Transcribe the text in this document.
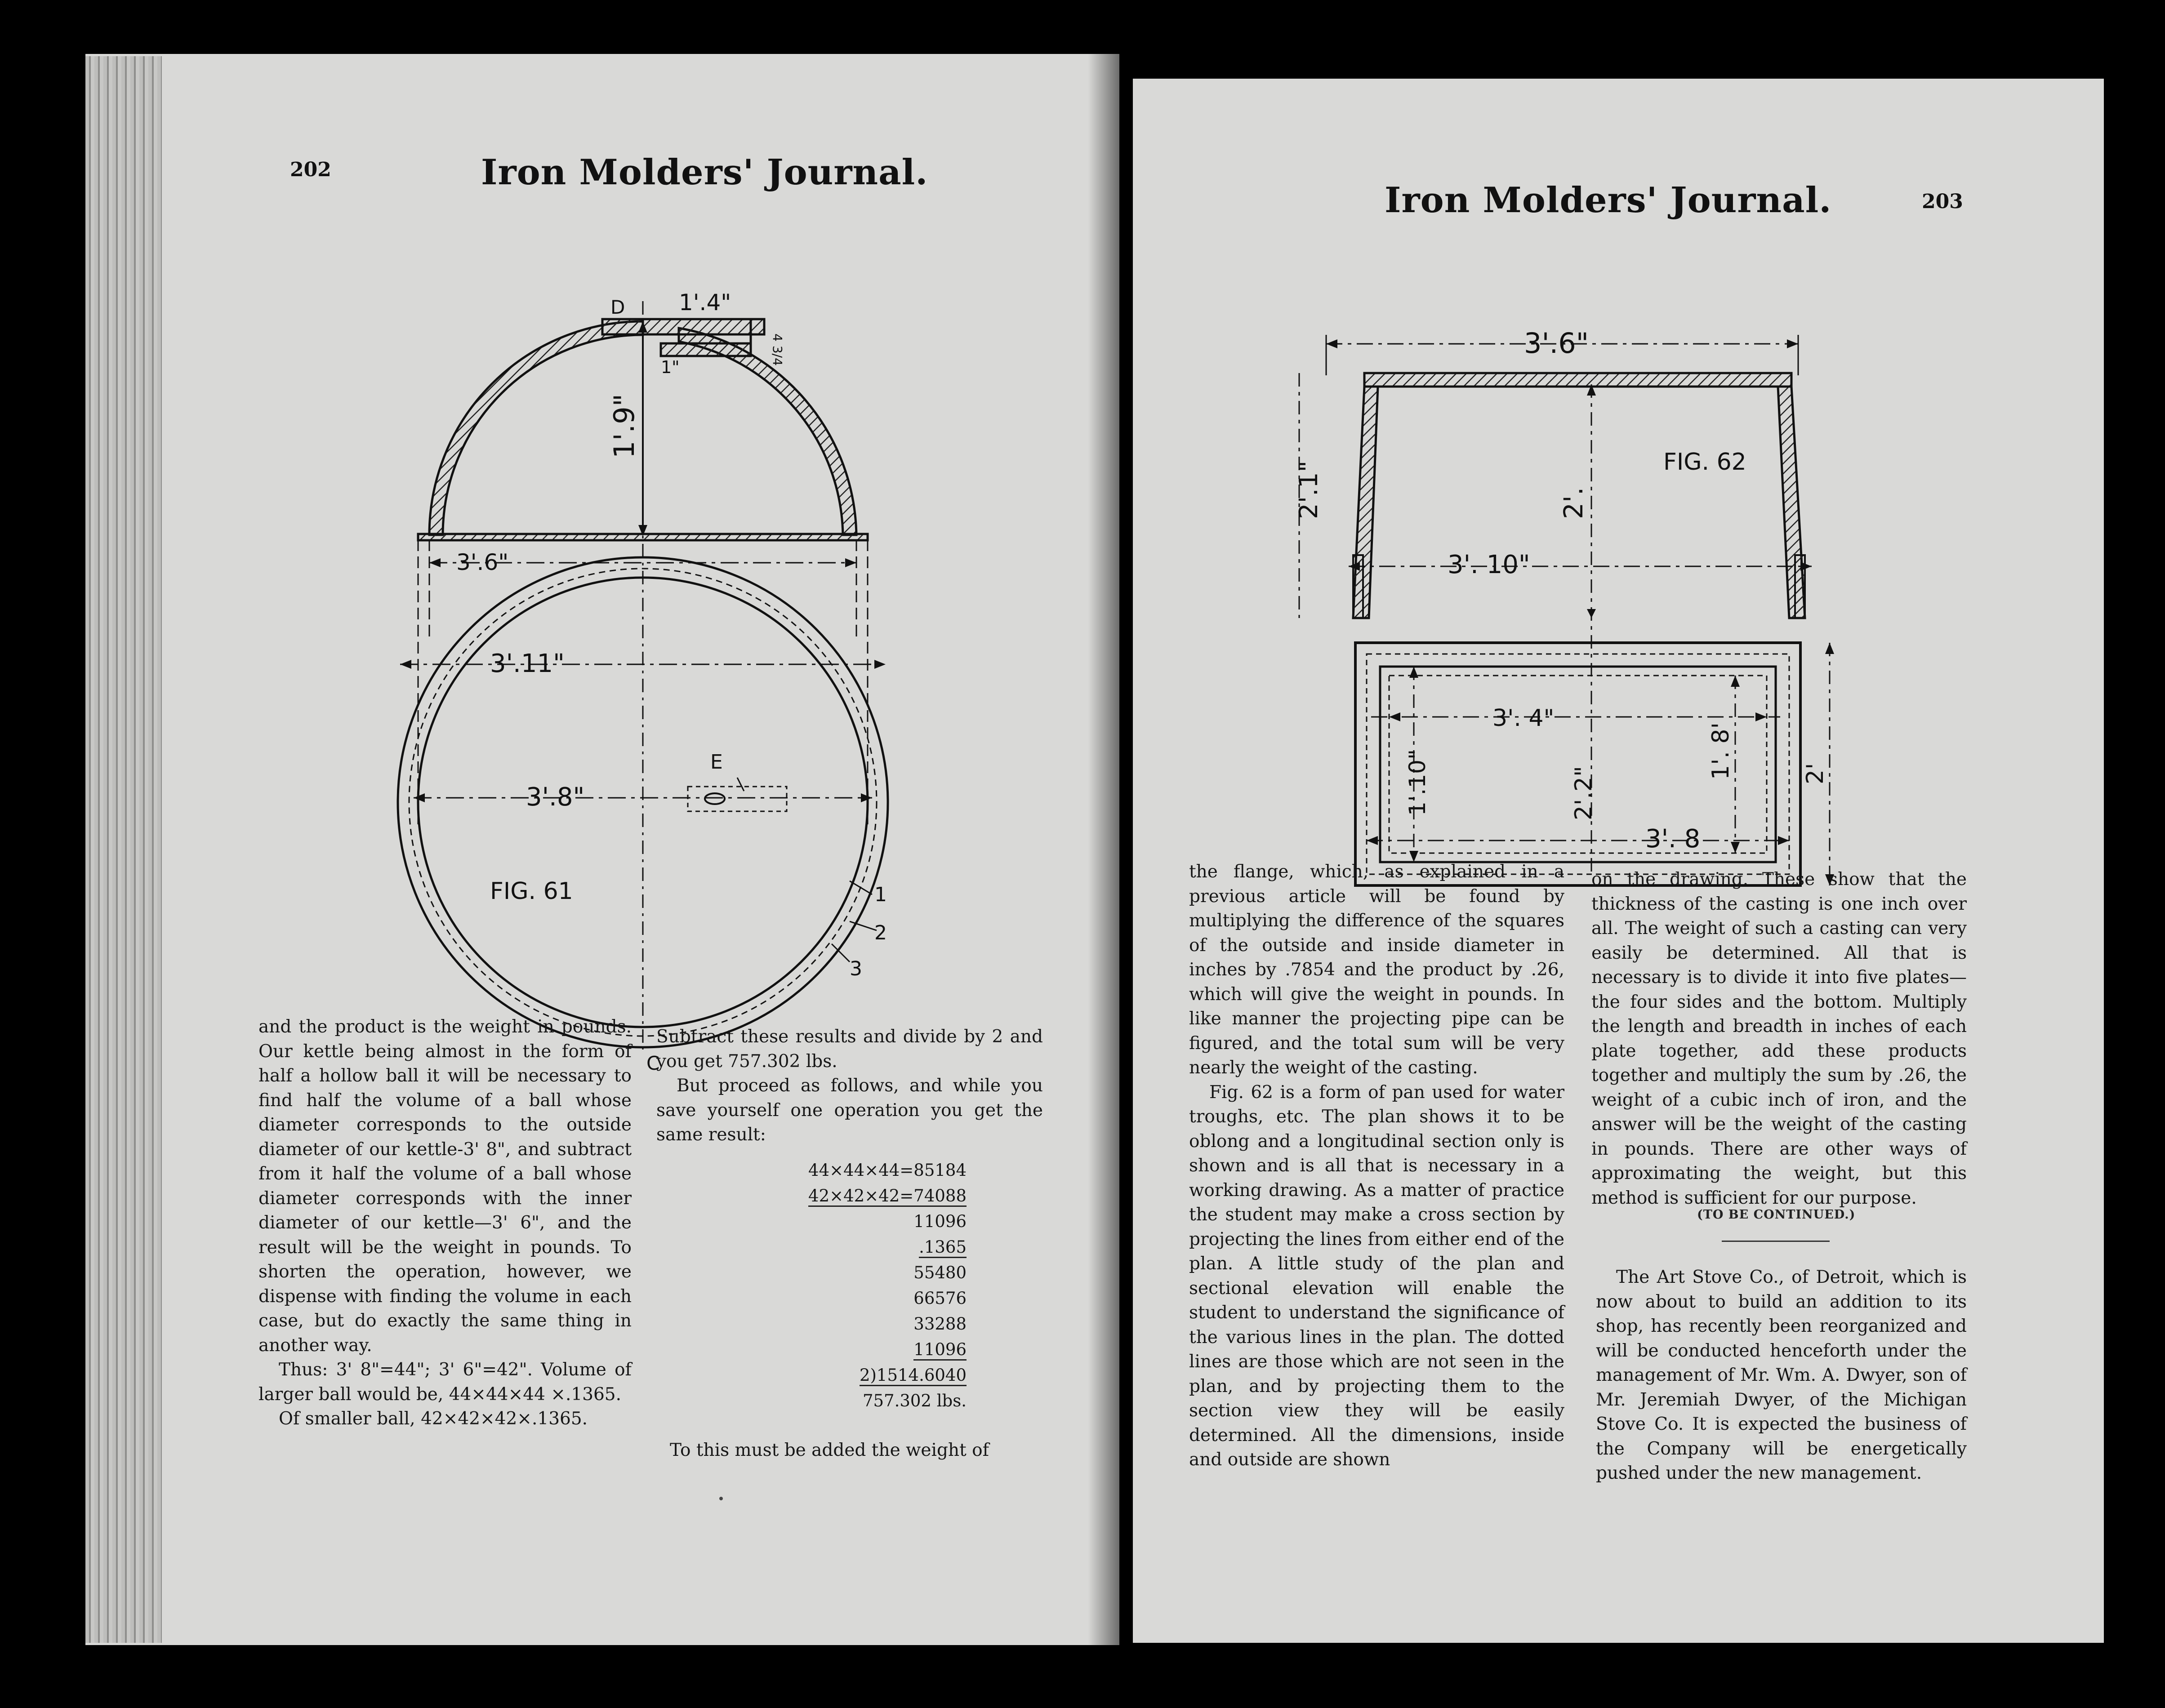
202	Iron Molders' Journal.
D 1'.4"
4 3/4
1"
1'.9"
3'.6"
3'.11"
3'.8"
E
1
2
3
FIG. 61
C

and the product is the weight in pounds. Our kettle being almost in the form of half a hollow ball it will be necessary to find half the volume of a ball whose diameter corresponds to the outside diameter of our kettle-3' 8", and subtract from it half the volume of a ball whose diameter corresponds with the inner diameter of our kettle—3' 6", and the result will be the weight in pounds. To shorten the operation, however, we dispense with finding the volume in each case, but do exactly the same thing in another way.

Thus: 3' 8"=44"; 3' 6"=42". Volume of larger ball would be, 44×44×44 ×.1365.

Of smaller ball, 42×42×42×.1365.

Subtract these results and divide by 2 and you get 757.302 lbs.

But proceed as follows, and while you save yourself one operation you get the same result:

44×44×44=85184
42×42×42=74088
11096
.1365
55480
66576
33288
11096
2)1514.6040
757.302 lbs.
To this must be added the weight of
Iron Molders' Journal.	203
3'.6"
2'.1"	2'.
FIG. 62
3'. 10"
3'. 4"
1'.10"	2'.2"
3'. 8
1'. 8'	2'

the flange, which, as explained in a previous article will be found by multiplying the difference of the squares of the outside and inside diameter in inches by .7854 and the product by .26, which will give the weight in pounds. In like manner the projecting pipe can be figured, and the total sum will be very nearly the weight of the casting.

Fig. 62 is a form of pan used for water troughs, etc. The plan shows it to be oblong and a longitudinal section only is shown and is all that is necessary in a working drawing. As a matter of practice the student may make a cross section by projecting the lines from either end of the plan. A little study of the plan and sectional elevation will enable the student to understand the significance of the various lines in the plan. The dotted lines are those which are not seen in the plan, and by projecting them to the section view they will be easily determined. All the dimensions, inside and outside are shown

on the drawing. These show that the thickness of the casting is one inch over all. The weight of such a casting can very easily be determined. All that is necessary is to divide it into five plates—the four sides and the bottom. Multiply the length and breadth in inches of each plate together, add these products together and multiply the sum by .26, the weight of a cubic inch of iron, and the answer will be the weight of the casting in pounds. There are other ways of approximating the weight, but this method is sufficient for our purpose.

(TO BE CONTINUED.)
The Art Stove Co., of Detroit, which is now about to build an addition to its shop, has recently been reorganized and will be conducted henceforth under the management of Mr. Wm. A. Dwyer, son of Mr. Jeremiah Dwyer, of the Michigan Stove Co. It is expected the business of the Company will be energetically pushed under the new management.
